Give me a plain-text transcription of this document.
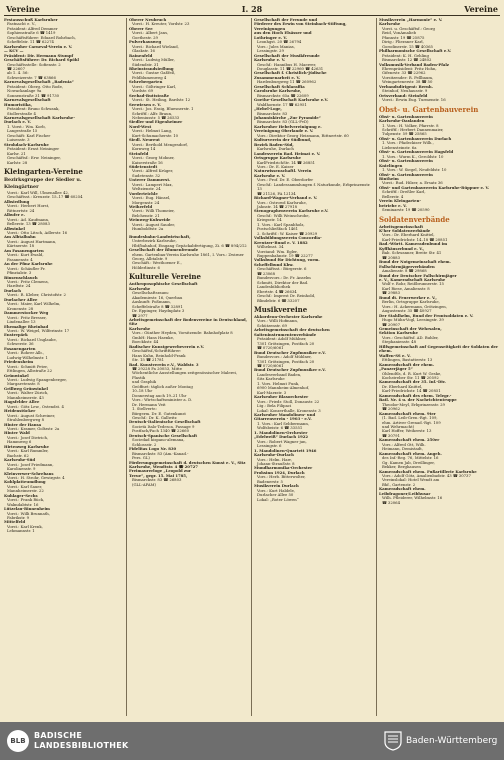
Vereine	I. 28	Vereine

Festausschuß Karlsruher

Fastnacht e. V.,

Präsident: Alfred Demmer

Sophienstraße 6 ☎ 1419

Geschäftsführer: Eduard Rohrbach,

Scheffelstr. 11 ☎ 62274

Karlsruher Carneval-Verein e. V.

— KCV —

Präsident: Dir. Hermann Stumpf

Geschäftsführer: Dr. Richard Spöhl

Geschäftsstelle: Sofienstr. 2

☎ 22607

ab 1. 4. 56:

Schweizerstr. 7 ☎ 63866

Karnevalsgesellschaft „Badenia“

Präsident: Oberg. Otto Rode,

Nowackanlage 9a

Sonnenstraße 31 ☎ 91730

Karnevalsgesellschaft

Humoristika,

Präsident: Bruno Schwank,

Stollerstraße 4

Karnevalsgesellschaft Karlsruhe-

Durlach e. V.

1. Vorst.: Wm. Korb,

Langestraße 15

Geschäft: Karl Fischer

Luisenstr. 3

Strohdach-Karlsruhe

Präsident: Ernst Neininger

Karlsr. 21

Geschäftsf.: Erw. Neininger,

Karlstr. 28

Kleingarten-Vereine

Bezirksgruppe der Siedler u.

Kleingärtner

Vorst.: Karl Will, Ulmenallee 42,

Geschäftsst.: Kreuzstr. 15–17 ☎ 60254

Albsiedlung

Vorst.: Herbert Horst,

Rittnertstr. 24

Albufer e.

Vorst.: Ad. Kaufmann,

Bellerstr. 13 ☎ 28083

Albwinkel

Vorst.: Otto Litsch, Adlerstr. 16

Am Albtalbahn

Vorst.: August Hartmann,

Kärtnerstr. 18

Am Fasanengarten

Vorst.: Kurt Ewald,

Fasanenstr. 4

An der Pfinz Karlsruhe

Vorst.: Schäufler Fr.

Pfinztalstr. 3

Binsenschlauch

Vorst.: Fritz Clemens,

Hardtstr. 24

Durlach

Vorst.: R. Kleber, Christofstr. 2

Durlacher Allee

Vorst.: Maier, Karl Wilhelm,

Kronenstr. 28

Dammerstocker Weg

Vorst.: Fritz Bresser,

Lindenallee 13

Ehemalige Rheinbad

Vorst.: W. Weigel, Wilferinstr. 17

Enstrepärk

Vorst.: Richard Unglaube,

Schwerstr. 36

Fasanengarten

Vorst.: Rohrer Alb.,

Ludwig-Wilhelmstr. 1

Friedensheim

Vorst.: Schmitt Peter,

Ettlingen, Albstraße 22

Grünwinkel

Vorst.: Ludwig Spangenberger,

Margaretenstr. 8

Grillweg Grünwinkel

Vorst.: Walter Zürich,

Mannheimerstr. 43

Hagsfelder Allee

Vorst.: Götz Lew., Ostendst. 4

Heidenstücker

Vorst.: August Schreiner,

Strahlenbergweg 8

Hinter der Hansa

Vorst.: Kramer, Goltzstr. 2a

Hinter Wald

Vorst.: Josef Dietrich,

Hammweg 6

Hirtenweg Karlsruhe

Vorst.: Karl Rummler,

Bachstr. 62

Karlsruhe-Süd

Vorst.: Josef Friedmann,

Karolinenstr. 9

Kleinverwer-Schrebans

Vorst.: H. Strohr, Gewirgstr. 4

Kohlplatteumdlung

Vorst.: Karl Sauer,

Mannheimerstr. 22

Kuhlager-Sechs

Vorst.: Frank Rück,

Walmdabtstr. 16

Lützelau-Rinnenheim

Vorst.: Willi Brunnath,

Fabrikstr. 9

Mittelfeld

Vorst.: Karl Krenk,

Lehmannstr. 1

Oberer Neubruch

Vorst.: H. Kreuter, Vordstr. 23

Oberer See

Vorst.: Albert Jans,

Goethestr. 29

Pulverhausweg

Vorst.: Richard Wieland,

Glaskstr. 16

Rainenfeld

Vorst.: Ludwig Müller,

Südendstr. 31

Rheinstrandsiedlung

Vorst.: Gustav Gaßfeß,

Feldblumenweg 4

Schrebergarten

Vorst.: Göltringer Karl,

Vordstr. 69

Seebad-Buttstraße

Vorst.: St. Heiling, Bardstr. 12

Seewiesen e. V.

Vorst.: Jos. Essig, Bluesnerstr. 1

Schriftf.: Alfr. Braun,

Nebeniusstr. 5 ☎ 26533

Siedler und Eigenheimer

Nord-West

Vorst.: Helmut Lang,

Kurt-Schumacherstr. 10

Siedl. Neureut

Vorst.: Berthold Mengesdorf,

Kornweg 14

Steinfeld

Vorst.: Georg Mohner,

Kaiserstraße 16

Südetenstedt

Vorst.: Alfred Krüger,

Sudetenstr. 32

Unterer Dammerst.

Vorst.: Lampert Max,

Weltzienstr. 24

Vorderteichle

Vorst.: Eug. Hänsel,

Morgenstr. 24

Weiherfeld

Vorst.: Willi Thomeier,

Belchenstr. 21

Weinweg-Kuhweide

Vorst.: August Sauder,

Humboldtstr. 2a

Bundesbahn-Landwirtschaft,

Unterbezirk Karlsruhe,

Hbf/bahnhof, Eingang Gepäckabfertigung, Zi. 6 ☎ 894/212

Gesellschaft der Blumenfreunde

ehem. Gartenbau-Verein Karlsruhe 1861, I. Vors.: Zwirner

Georg, Albtalstr. 9

Geschäft.: Westhoener E.,

Hölderlinstr. 6

Kulturelle Vereine

Anthroposophische Gesellschaft

Karlsruhe

Gesellschaftsraum:

Akademiestr. 16, Querbau

Auskunft: Poßmann,

Scheffelstraße 8 ☎ 32891

Dr. Eppinger, Haydnplatz 3

☎ 2977

Arbeitsgemeinschaft der Bodenvereine in Deutschland, Sitz

Karlsruhe

Vors.: Günther Heyden, Vorsitzende: Bahnhofplatz 8

GmbH: Hans Haenke,

Boeckhstr. 44

Badischer Kunstgewerbeverein e.V.

Geschäftsf./Schriftführer:

Hans Kuhn, Reinhold-Frank

Str. 15 ☎ 21781

Bad. Kunstverein e.V., Waldstr. 3

☎ 29228 Fa 20053, Mitte

Wöchentliche Ausstellungen zeitgenössischer Malerei, Plastik

und Graphik

Geöffnet: täglich außer Montag

10–18 Uhr

Donnerstag auch 19–21 Uhr

Vors.: Wirtschaftsminister a. D.

Dr. Hermann Veit

1. Stellvertr.:

Bürgerm. Dr. E. Gutenkunst

Geschf.: Dr. K. Gallwitz

Deutsch-Italienische Gesellschaft

Società Italo-Tedesca, Passage 9

Postfach/Fach 1340 ☎ 22660

Deutsch-Spanische Gesellschaft

Sociedad hispano-alemana,

Schlossstr. 2

Fidelitas Logo Nr. 830

Bismarckstr. 83 (Am.-Kanad.-

Pers. GL)

Förderungsgemeinschaft d. deutschen Kunst e. V., Sitz Karlsruhe, Wendtstr. 4 ☎ 20727

Freimaurerloge „Leopold zur

Treue“, gegr. 15. Mai 1785,

Bismarckstr. 83 ☎ 26803

(GLL-AFAM)

Gesellschaft der Freunde und

Förderer des Erwin von Steinbach-Stiftung, Vereinigungen

aus den Hoch Elsässer und

Lothringer e. V.

Leonhgst. 20 ☎ 26794

Vors.: Jules Manias,

Lessingstr. 29

Gesellschaft der Musikfreunde

Karlsruhe e. V.

Geschf.: Hannibus H. Maerrer,

Douglasstr. 11 ☎ 22960 ☎ 42631

Gesellschaft f. Christlich-Jüdische

Zusammenarbeit e. V.

Hardenburgweg 11 ☎ 260962

Gesellschaft Schlaraffia

Carolsruhe Karlsruhe,

Bismarckstr. 65a ☎ 22609

Goethe-Gesellschaft Karlsruhe e.V.

Waldhornstr. 17 ☎ 62951

„Hebel-Loge,

Bismarckstr. 83

Johanniskirche „Zur Pyramide“

Bismarckstr. 83 (GLL-FvD)

Karlsruher Hebelvereinigung e.

Vereinigung Oberlande e. V.

Vors.: Direktor Georg Heizmann, Rittnertstr. 60

Kulturverein der Südbund,

Bezirk Baden-Süd,

Karlsruhe, Durlach

Landesverein Bad. Heimat e. V.

Ortsgruppe Karlsruhe

KarlFriedrichStr. 14 ☎ 26851

Vors.: Dr. E. Kaiser

Naturwissenschaftl. Verein

Karlsruhe e. V.

Vors.: Prof. Dr. E. Oberdorfer

Geschf.: Landessammlungen f. Naturkunde, Erbprinzenstr. 13

☎ 21126, PA 12134

Richard-Wagner-Verband e. V.

Vors.: Ostrowd Karlsruhe,

Jahnstr. 14 ☎ 27918

Stenographenverein Karlsruhe e.V.

Geschf.: Willi Weinschrobe,

Kriegsstr. 14

1. Vors.: Karl Spanbholz,

Postschließfach 1461

2. Schriftf.: W. Kaiser ☎ 20929

Volksbildungsverein Concordia-

Kreutzer-Bund e. V. 1882

Wilhelmst. 34

Vorstand: Wm. Egler,

Ruppenbahnstr. 19 ☎ 22277

Volksbund für Dichtung, vorm.

Scheffelbund Kbw.

Geschäftsst.: Bürgerstr. 6

☎ 23068

Bundesvors.: Dr. Fr. Anselm

Schmitt, Direktor der Bad.

Landesbibliothek

Ebertstr. 4 ☎ 26634

Geschf.: Imprest Dr. Reinhold,

Blindelstr. 6 ☎ 33207

Musikvereine

Akkordeon-Orchester Karlsruhe

Vors.: Willi Hofmann,

Schützenstr. 69

Arbeitsgemeinschaft der deutschen

Saiteninstrumentenverbände

Präsident: Adolf Mühlner,

7301 Grötzingen, Postfach 20

☎ 0720/6061

Bund Deutscher Zupfmusiker e.V.

Bundesvors.: Adolf Mühlner,

7301 Grötzingen, Postfach 20

☎ 0720/6061

Bund Deutscher Zupfmusiker e.V.

Landesverband Baden,

Sitz Karlsruhe

1. Vors. Helmut Funk,

6900 Mannheim-Almenhof,

Karl-Marxstr. 3

Karlsruher Blasorchester

Vors.: Friedr. Stoll, Donaustr. 22

Ltg.: Bela Filipaci

Lokal: Konzerthalle, Kronenstr. 3

Karlsruher Mandolinen- und

Gitarrenverein - 1903 - e.V.

1. Vors.: Karl Sebbermann,

Wolfsbeistr. 6 ☎ 33551

1. Mandolinen-Orchester

„Edelweiß“ Durlach 1922

Vors.: Robert Wagner jun,

Lessingstr. 6

1. Mandolinen-Quartett 1946

Karlsruhe-Durlach

Vors.: Helm. Harr,

Johann-Straußstr. 8

Mundharmonika-Orchester

Frohsinn 1924, Durlach

Vors.: Herb. Bitterwolter,

Badenerstr. 5

Musikverein Durlach

Vors.: Kurt Haldele,

Durlacher Allee 50

Lokal: „Roter Löwen“

Musikverein „Harmonie“ e. V.

Karlsruhe

Vorst. u. Geschäftsf.: Georg

Reid, VonAmalieb

Pfannstr. 19 ☎ 25875

Dirig.: Flieraner Karl,

Gorodinerstr. 15 ☎ 40365

Philharmonische Gesellschaft e.V.

Präsident: K. H. Gehling

Bismarckstr. 12 ☎ 24802

Volksmusik-Verband Baden-Pfalz

Ehrenpräsident: Fritz Hohn,

Gifenrstr. 33 ☎ 22962

Vorsitzender: R. Fellbaum,

Weingartenerstr. 38 ☎ 50

Verbandsdirigent: Bernh.

Steinhof, Neuhausstr. 9

Ortsverband: Steinfeld

Vorst.: Erwin Eug. Turmenstr. 16

Obst- u. Gartenbauverein

Obst- u. Gartenbauverein

Karlsruhe-Daxlanden

1. Vors.: H. Volker, Pfarrstr. 8

Schriftf.: Herbert Dannenmaier,

Tulpenstr. 59 ☎ 25865

Obst- u. Gartenbauverein Durlach

1. Vors.: Pfadeckiser Wilh.,

Liebensteinstr. 6a

Obst- u. Gartenbauverein Hagsfeld

1. Vors.: Wurm K., Geroldstr. 10

Obst- u. Gartenbauverein

Knielingen

1. Vors.: W. Siegel, Neufeldstr. 10

Obst- u. Gartenbauverein

Rintheim

Vorst.: Rud. Hilzer, a. Ersatz 36

Obst- und Gartenbauverein Karlsruhe-Rüppurr e. V.

Schriftf.: Dreßler Karl,

Bellerstr. 4

Verein Kleingarten-

betriebe e. V.

Seminarstr. 19 ☎ 20590

Soldatenverbände

Arbeitsgemeinschaft

K'her Soldatenverbände

Vors.: Dr. Eberhard Knittel,

Karl-Friedrichstr. 14–18 ☎ 20851

Bad.-Württ. Kameradenbund im

Kyffhäuserbund e. V.,

Bab. Schwanner, Breite Str. 41

☎ 20883

Bund der Notgemeinschaft ehem.

Fallschirmjägerverbänden

Amalienstr. 8 ☎ 29868

Bund der Deutscher Fallschirmjäger

e. V., Kameradschaft Karlsruhe

Wolf v. Rohr, Reißbrunnerstr. 15

Karl Riese, Amalienstr. 8

☎ 29883

Bund dt. Feuerwerker e. V.,

Berlin, Ortsgruppe Karlsruhe,

Vors.: H. Ackermann, Grötzingen,

Augustenstr. 35 ☎ 40927

Der Stahlhelm, Bund der Frontsoldaten e. V.

Hugo Mühn-Vogl, Leesingstr. 39

☎ 20907

Gemeinschaft der Wehrsalen,

Sektion Karlsruhe

Vors.: Geschäftsf. AD. Buhler,

Stephanienstr. 48

Hilfsgemeinschaft auf Gegenseitigkeit der Soldaten der ehem.

Waffen-SS e. V.

Ettlingen, Bastatterstr. 13

Kameradschaft der ehem.

„Panzerjäger 5“

Ohlendtls, d. R. Kurt W. Geske,

Kochstreber Str. 11 ☎ 20592

Kameradschaft der 35. Inf.-Div.

Dr. Eberhard Knittel,

Karl-Friedrichstr. 14 ☎ 20851

Kameradschaft des ehem. Telegr.-

Batl. Nr. 4 u. der Nachrichtentruppe

Theodor-Meyl, Erbprinzenstr. 29

☎ 20962

Kameradschaft ehem. 9ter

(1. Bad. Leib-Gren.-Rgt. 109,

ehm. Artiver Grenad.-Rgt. 109

und Wehrmacht)

Karl Hoffer, Weiherstr. 13

☎ 30791

Kameradschaft ehem. 250er

Vors.: Alfred Ott, Wilh.

Heimann, Demistadt,

Kameradschaft ehem. Angeh.

des Inf.-Reg. 76, Mittelstr. 16

Gg. Kamen Jab, Dreillinger,

Bekker, Berghausen

Kameradschaft ehem. Fußartillerie Karlsruhe

Vors.: Adolf Götz, Amalienbadstr. 43 ☎ 30737

Vereinslokal: Hotel Wendt am

Bhf., Gartenstr. 2

Kameradschaft ehem.

Leibdragoner/Leibhusar

Wilh. Pfleiderer, Wilhelmstr. 16

☎ 32064

BLB
BADISCHE
LANDESBIBLIOTHEK	Baden-Württemberg
